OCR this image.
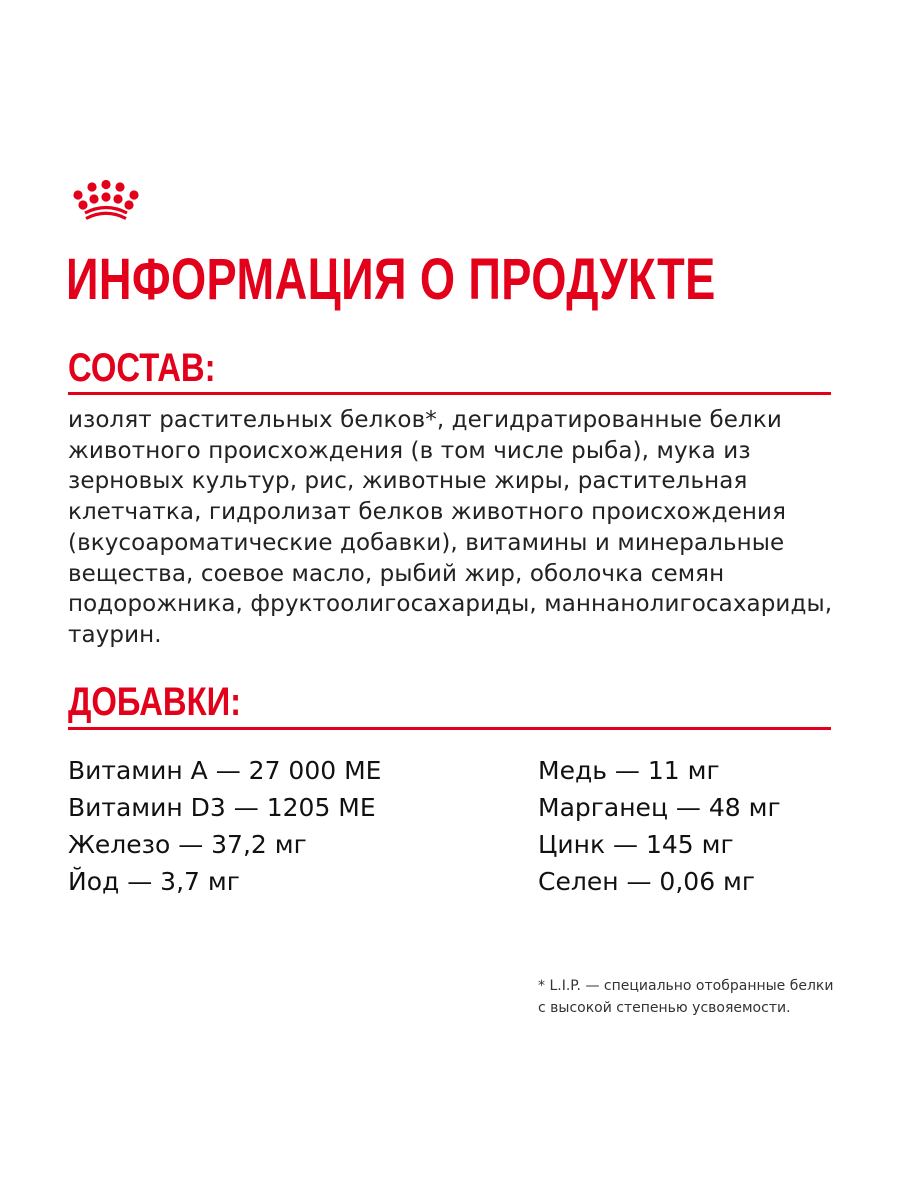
ИНФОРМАЦИЯ О ПРОДУКТЕ
СОСТАВ:
изолят растительных белков*, дегидратированные белки животного происхождения (в том числе рыба), мука из зерновых культур, рис, животные жиры, растительная клетчатка, гидролизат белков животного происхождения (вкусоароматические добавки), витамины и минеральные вещества, соевое масло, рыбий жир, оболочка семян подорожника, фруктоолигосахариды, маннанолигосахариды, таурин.
ДОБАВКИ:
Витамин А — 27 000 МЕ
Витамин D3 — 1205 МЕ
Железо — 37,2 мг
Йод — 3,7 мг
Медь — 11 мг
Марганец — 48 мг
Цинк — 145 мг
Селен — 0,06 мг
* L.I.P. — специально отобранные белки
с высокой степенью усвояемости.
